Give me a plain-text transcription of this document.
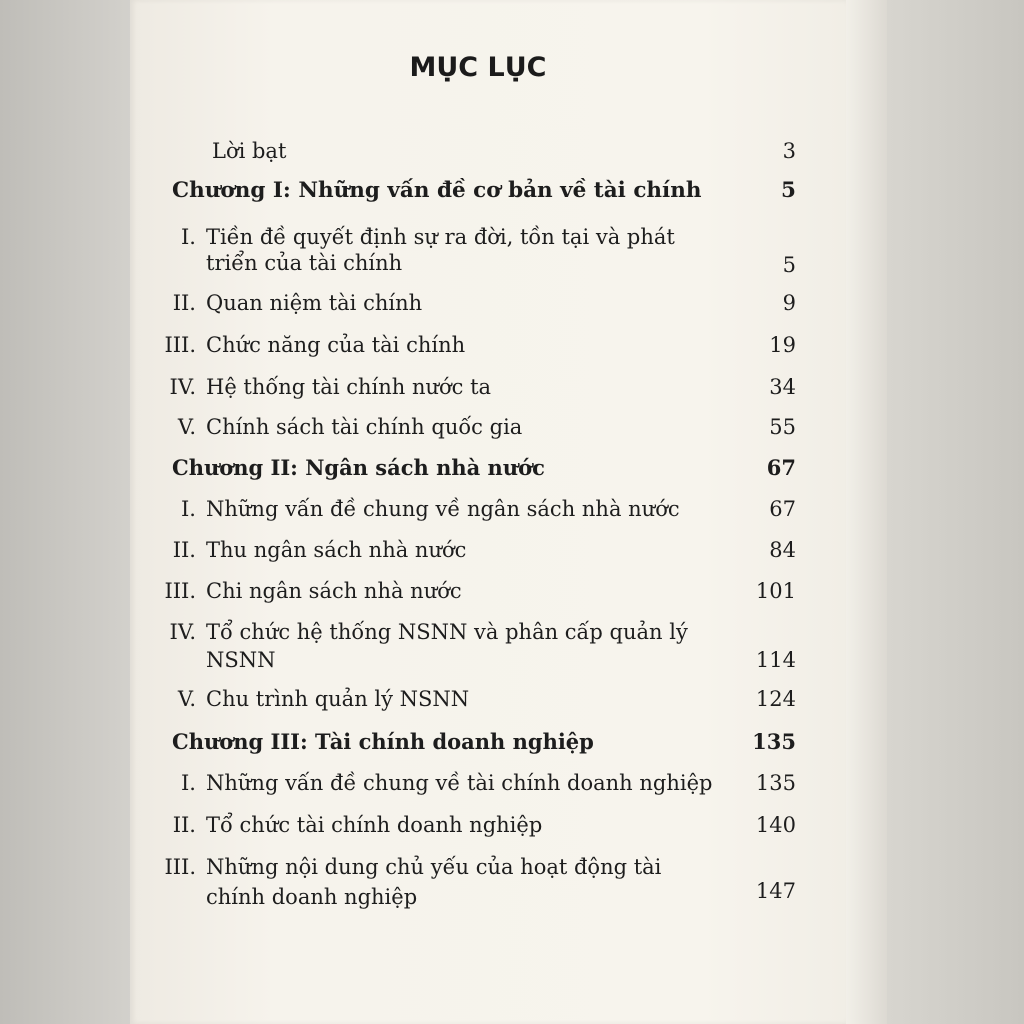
MỤC LỤC
Lời bạt	3
Chương I: Những vấn đề cơ bản về tài chính	5
I. Tiền đề quyết định sự ra đời, tồn tại và phát
triển của tài chính	5
II. Quan niệm tài chính	9
III. Chức năng của tài chính	19
IV. Hệ thống tài chính nước ta	34
V. Chính sách tài chính quốc gia	55
Chương II: Ngân sách nhà nước	67
I. Những vấn đề chung về ngân sách nhà nước	67
II. Thu ngân sách nhà nước	84
III. Chi ngân sách nhà nước	101
IV. Tổ chức hệ thống NSNN và phân cấp quản lý
NSNN	114
V. Chu trình quản lý NSNN	124
Chương III: Tài chính doanh nghiệp	135
I. Những vấn đề chung về tài chính doanh nghiệp 135
II. Tổ chức tài chính doanh nghiệp	140
III. Những nội dung chủ yếu của hoạt động tài
chính doanh nghiệp	147
